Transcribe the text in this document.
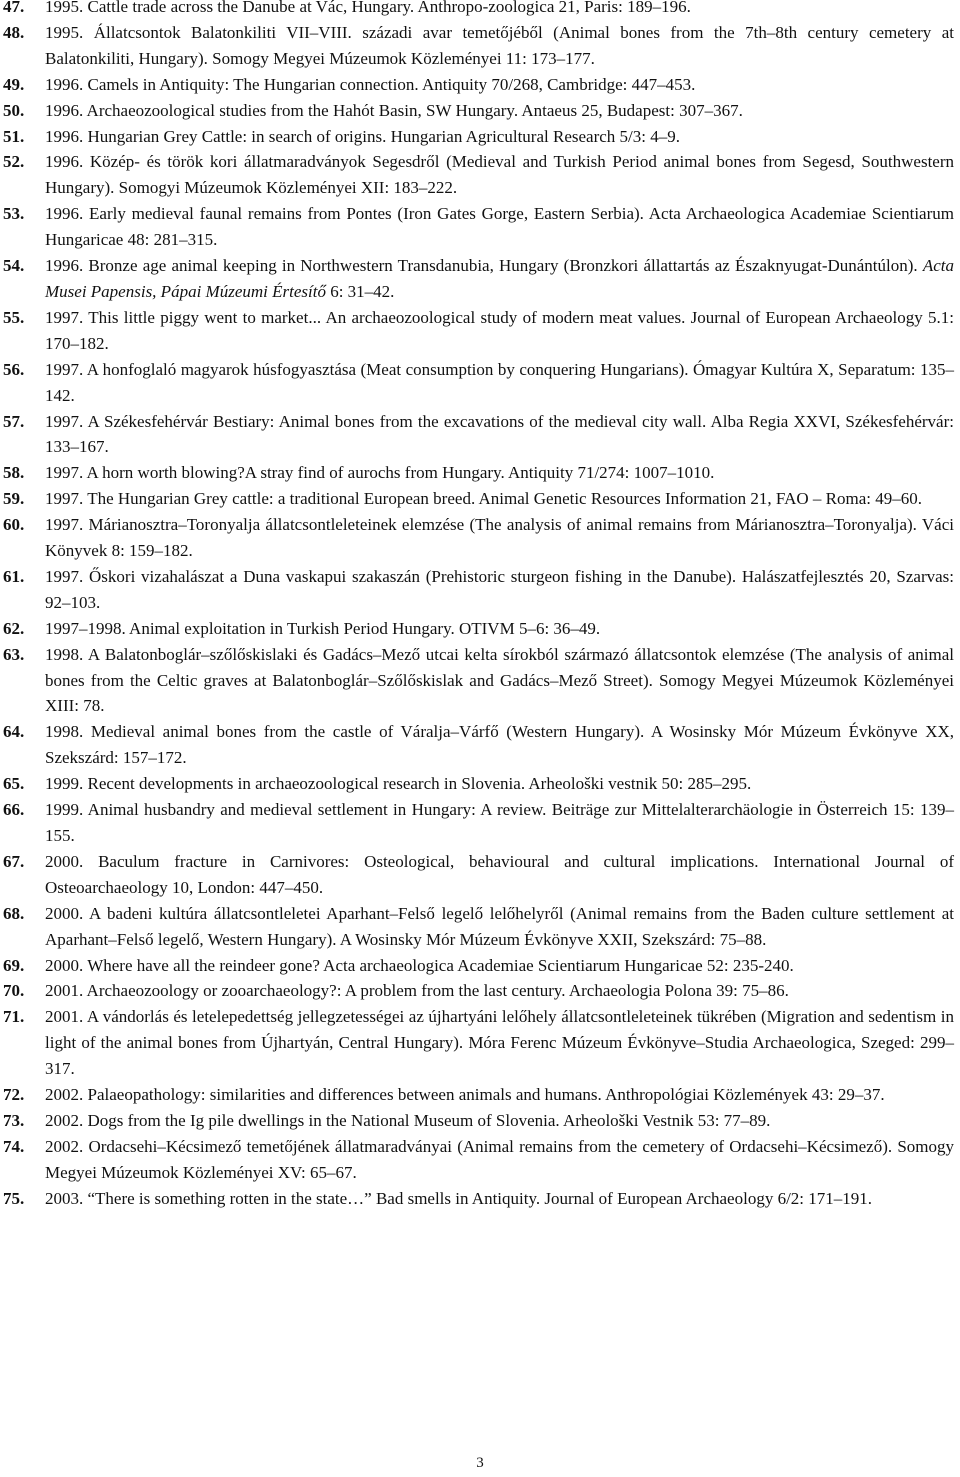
47. 1995. Cattle trade across the Danube at Vác, Hungary. Anthropo-zoologica 21, Paris: 189–196.
48. 1995. Állatcsontok Balatonkiliti VII–VIII. századi avar temetőjéből (Animal bones from the 7th–8th century cemetery at Balatonkiliti, Hungary). Somogy Megyei Múzeumok Közleményei 11: 173–177.
49. 1996. Camels in Antiquity: The Hungarian connection. Antiquity 70/268, Cambridge: 447–453.
50. 1996. Archaeozoological studies from the Hahót Basin, SW Hungary. Antaeus 25, Budapest: 307–367.
51. 1996. Hungarian Grey Cattle: in search of origins. Hungarian Agricultural Research 5/3: 4–9.
52. 1996. Közép- és török kori állatmaradványok Segesdről (Medieval and Turkish Period animal bones from Segesd, Southwestern Hungary). Somogyi Múzeumok Közleményei XII: 183–222.
53. 1996. Early medieval faunal remains from Pontes (Iron Gates Gorge, Eastern Serbia). Acta Archaeologica Academiae Scientiarum Hungaricae 48: 281–315.
54. 1996. Bronze age animal keeping in Northwestern Transdanubia, Hungary (Bronzkori állattartás az Északnyugat-Dunántúlon). Acta Musei Papensis, Pápai Múzeumi Értesítő 6: 31–42.
55. 1997. This little piggy went to market... An archaeozoological study of modern meat values. Journal of European Archaeology 5.1: 170–182.
56. 1997. A honfoglaló magyarok húsfogyasztása (Meat consumption by conquering Hungarians). Ómagyar Kultúra X, Separatum: 135–142.
57. 1997. A Székesfehérvár Bestiary: Animal bones from the excavations of the medieval city wall. Alba Regia XXVI, Székesfehérvár: 133–167.
58. 1997. A horn worth blowing?A stray find of aurochs from Hungary. Antiquity 71/274: 1007–1010.
59. 1997. The Hungarian Grey cattle: a traditional European breed. Animal Genetic Resources Information 21, FAO – Roma: 49–60.
60. 1997. Márianosztra–Toronyalja állatcsontleleteinek elemzése (The analysis of animal remains from Márianosztra–Toronyalja). Váci Könyvek 8: 159–182.
61. 1997. Őskori vizahalászat a Duna vaskapui szakaszán (Prehistoric sturgeon fishing in the Danube). Halászatfejlesztés 20, Szarvas: 92–103.
62. 1997–1998. Animal exploitation in Turkish Period Hungary. OTIVM 5–6: 36–49.
63. 1998. A Balatonboglár–szőlőskislaki és Gadács–Mező utcai kelta sírokból származó állatcsontok elemzése (The analysis of animal bones from the Celtic graves at Balatonboglár–Szőlőskislak and Gadács–Mező Street). Somogy Megyei Múzeumok Közleményei XIII: 78.
64. 1998. Medieval animal bones from the castle of Váralja–Várfő (Western Hungary). A Wosinsky Mór Múzeum Évkönyve XX, Szekszárd: 157–172.
65. 1999. Recent developments in archaeozoological research in Slovenia. Arheološki vestnik 50: 285–295.
66. 1999. Animal husbandry and medieval settlement in Hungary: A review. Beiträge zur Mittelalterarchäologie in Österreich 15: 139–155.
67. 2000. Baculum fracture in Carnivores: Osteological, behavioural and cultural implications. International Journal of Osteoarchaeology 10, London: 447–450.
68. 2000. A badeni kultúra állatcsontleletei Aparhant–Felső legelő lelőhelyről (Animal remains from the Baden culture settlement at Aparhant–Felső legelő, Western Hungary). A Wosinsky Mór Múzeum Évkönyve XXII, Szekszárd: 75–88.
69. 2000. Where have all the reindeer gone? Acta archaeologica Academiae Scientiarum Hungaricae 52: 235-240.
70. 2001. Archaeozoology or zooarchaeology?: A problem from the last century. Archaeologia Polona 39: 75–86.
71. 2001. A vándorlás és letelepedettség jellegzetességei az újhartyáni lelőhely állatcsontleleteinek tükrében (Migration and sedentism in light of the animal bones from Újhartyán, Central Hungary). Móra Ferenc Múzeum Évkönyve–Studia Archaeologica, Szeged: 299–317.
72. 2002. Palaeopathology: similarities and differences between animals and humans. Anthropológiai Közlemények 43: 29–37.
73. 2002. Dogs from the Ig pile dwellings in the National Museum of Slovenia. Arheološki Vestnik 53: 77–89.
74. 2002. Ordacsehi–Kécsimező temetőjének állatmaradványai (Animal remains from the cemetery of Ordacsehi–Kécsimező). Somogy Megyei Múzeumok Közleményei XV: 65–67.
75. 2003. “There is something rotten in the state…” Bad smells in Antiquity. Journal of European Archaeology 6/2: 171–191.
3
